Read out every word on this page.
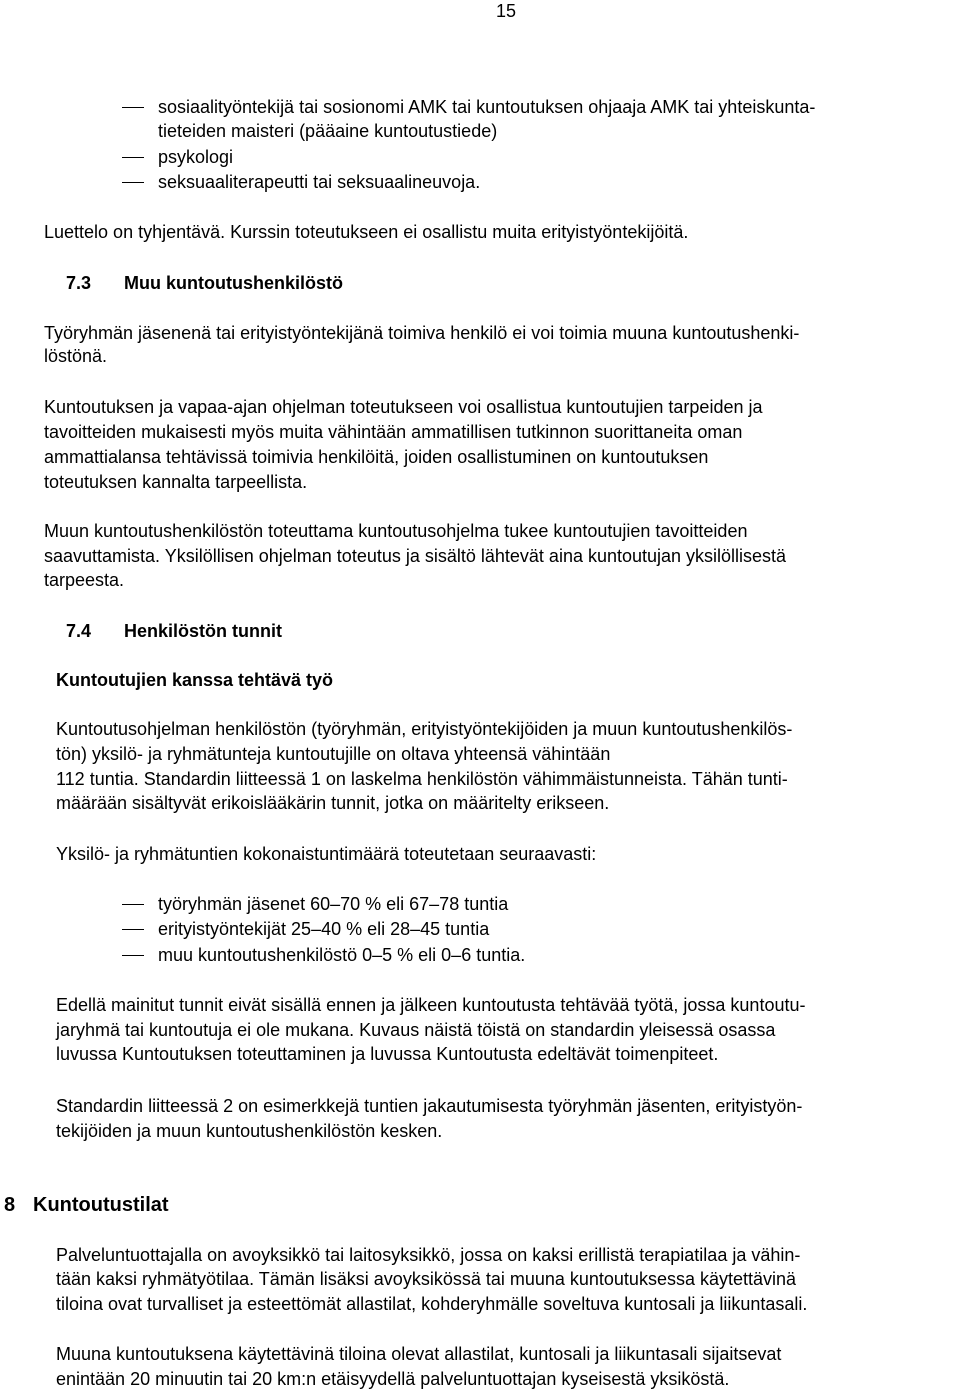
15
sosiaalityöntekijä tai sosionomi AMK tai kuntoutuksen ohjaaja AMK tai yhteiskunta-
tieteiden maisteri (pääaine kuntoutustiede)
psykologi
seksuaaliterapeutti tai seksuaalineuvoja.
Luettelo on tyhjentävä. Kurssin toteutukseen ei osallistu muita erityistyöntekijöitä.
7.3 Muu kuntoutushenkilöstö
Työryhmän jäsenenä tai erityistyöntekijänä toimiva henkilö ei voi toimia muuna kuntoutushenki-
löstönä.
Kuntoutuksen ja vapaa-ajan ohjelman toteutukseen voi osallistua kuntoutujien tarpeiden ja
tavoitteiden mukaisesti myös muita vähintään ammatillisen tutkinnon suorittaneita oman
ammattialansa tehtävissä toimivia henkilöitä, joiden osallistuminen on kuntoutuksen
toteutuksen kannalta tarpeellista.
Muun kuntoutushenkilöstön toteuttama kuntoutusohjelma tukee kuntoutujien tavoitteiden
saavuttamista. Yksilöllisen ohjelman toteutus ja sisältö lähtevät aina kuntoutujan yksilöllisestä
tarpeesta.
7.4 Henkilöstön tunnit
Kuntoutujien kanssa tehtävä työ
Kuntoutusohjelman henkilöstön (työryhmän, erityistyöntekijöiden ja muun kuntoutushenkilös-
tön) yksilö- ja ryhmätunteja kuntoutujille on oltava yhteensä vähintään
112 tuntia. Standardin liitteessä 1 on laskelma henkilöstön vähimmäistunneista. Tähän tunti-
määrään sisältyvät erikoislääkärin tunnit, jotka on määritelty erikseen.
Yksilö- ja ryhmätuntien kokonaistuntimäärä toteutetaan seuraavasti:
työryhmän jäsenet 60–70 % eli 67–78 tuntia
erityistyöntekijät 25–40 % eli 28–45 tuntia
muu kuntoutushenkilöstö 0–5 % eli 0–6 tuntia.
Edellä mainitut tunnit eivät sisällä ennen ja jälkeen kuntoutusta tehtävää työtä, jossa kuntoutu-
jaryhmä tai kuntoutuja ei ole mukana. Kuvaus näistä töistä on standardin yleisessä osassa
luvussa Kuntoutuksen toteuttaminen ja luvussa Kuntoutusta edeltävät toimenpiteet.
Standardin liitteessä 2 on esimerkkejä tuntien jakautumisesta työryhmän jäsenten, erityistyön-
tekijöiden ja muun kuntoutushenkilöstön kesken.
8 Kuntoutustilat
Palveluntuottajalla on avoyksikkö tai laitosyksikkö, jossa on kaksi erillistä terapiatilaa ja vähin-
tään kaksi ryhmätyötilaa. Tämän lisäksi avoyksikössä tai muuna kuntoutuksessa käytettävinä
tiloina ovat turvalliset ja esteettömät allastilat, kohderyhmälle soveltuva kuntosali ja liikuntasali.
Muuna kuntoutuksena käytettävinä tiloina olevat allastilat, kuntosali ja liikuntasali sijaitsevat
enintään 20 minuutin tai 20 km:n etäisyydellä palveluntuottajan kyseisestä yksiköstä.
